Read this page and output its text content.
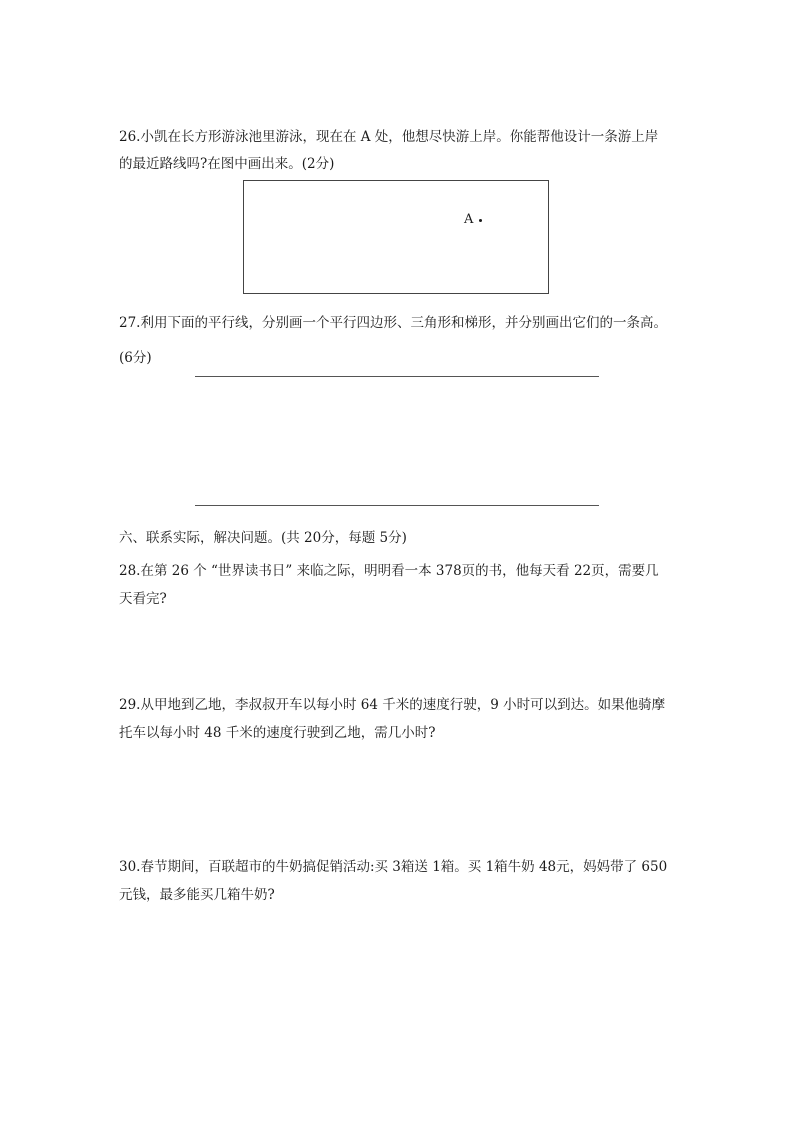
26.小凯在长方形游泳池里游泳，现在在 A 处，他想尽快游上岸。你能帮他设计一条游上岸
的最近路线吗?在图中画出来。(2分)
A
27.利用下面的平行线，分别画一个平行四边形、三角形和梯形，并分别画出它们的一条高。
(6分)
六、联系实际，解决问题。(共 20分，每题 5分)
28.在第 26 个 “世界读书日” 来临之际，明明看一本 378页的书，他每天看 22页，需要几
天看完?
29.从甲地到乙地，李叔叔开车以每小时 64 千米的速度行驶，9 小时可以到达。如果他骑摩
托车以每小时 48 千米的速度行驶到乙地，需几小时?
30.春节期间，百联超市的牛奶搞促销活动:买 3箱送 1箱。买 1箱牛奶 48元，妈妈带了 650
元钱，最多能买几箱牛奶?
